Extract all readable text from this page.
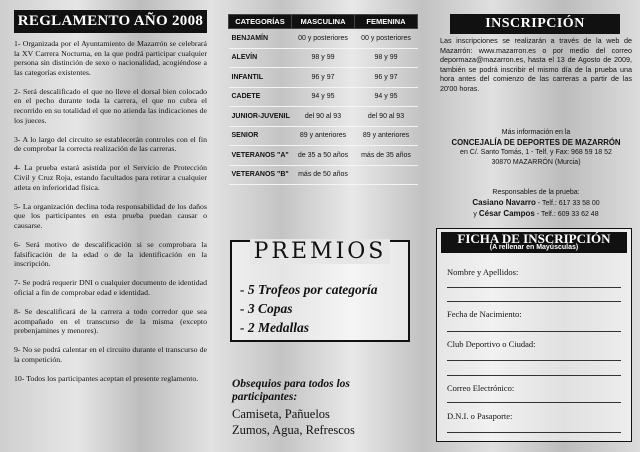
REGLAMENTO AÑO 2008

1- Organizada por el Ayuntamiento de Mazarrón se celebrará la XV Carrera Nocturna, en la que podrá participar cualquier persona sin distinción de sexo o nacionalidad, acogiéndose a las categorías existentes.

2- Será descalificado el que no lleve el dorsal bien colocado en el pecho durante toda la carrera, el que no cubra el recorrido en su totalidad el que no atienda las indicaciones de los jueces.

3- A lo largo del circuito se establecerán controles con el fin de comprobar la correcta realización de las carreras.

4- La prueba estará asistida por el Servicio de Protección Civil y Cruz Roja, estando facultados para retirar a cualquier atleta en inferioridad física.

5- La organización declina toda responsabilidad de los daños que los participantes en esta prueba puedan causar o causarse.

6- Será motivo de descalificación si se comprobara la falsificación de la edad o de la identificación en la inscripción.

7- Se podrá requerir DNI o cualquier documento de identidad oficial a fin de comprobar edad e identidad.

8- Se descalificará de la carrera a todo corredor que sea acompañado en el transcurso de la misma (excepto prebenjamines y menores).

9- No se podrá calentar en el circuito durante el transcurso de la competición.

10- Todos los participantes aceptan el presente reglamento.

CATEGORÍAS	MASCULINA	FEMENINA
BENJAMÍN	00 y posteriores	00 y posteriores
ALEVÍN	98 y 99	98 y 99
INFANTIL	96 y 97	96 y 97
CADETE	94 y 95	94 y 95
JUNIOR-JUVENIL	del 90 al 93	del 90 al 93
SENIOR	89 y anteriores	89 y anteriores
VETERANOS "A"	de 35 a 50 años	más de 35 años
VETERANOS "B"	más de 50 años	
PREMIOS
- 5 Trofeos por categoría
- 3 Copas
- 2 Medallas
Obsequios para todos los participantes:
Camiseta, Pañuelos
Zumos, Agua, Refrescos
INSCRIPCIÓN
Las inscripciones se realizarán a través de la web de Mazarrón: www.mazarron.es o por medio del correo depormaza@mazarron.es, hasta el 13 de Agosto de 2009, también se podrá inscribir el mismo día de la prueba una hora antes del comienzo de las carreras a partir de las 20'00 horas.
Más información en la
CONCEJALÍA DE DEPORTES DE MAZARRÓN
en C/. Santo Tomás, 1 - Telf. y Fax: 968 59 18 52
30870 MAZARRÓN (Murcia)
Responsables de la prueba:
Casiano Navarro - Telf.: 617 33 58 00
y César Campos - Telf.: 609 33 62 48
FICHA DE INSCRIPCIÓN
(A rellenar en Mayúsculas)
Nombre y Apellidos:
Fecha de Nacimiento:
Club Deportivo o Ciudad:
Correo Electrónico:
D.N.I. o Pasaporte:
